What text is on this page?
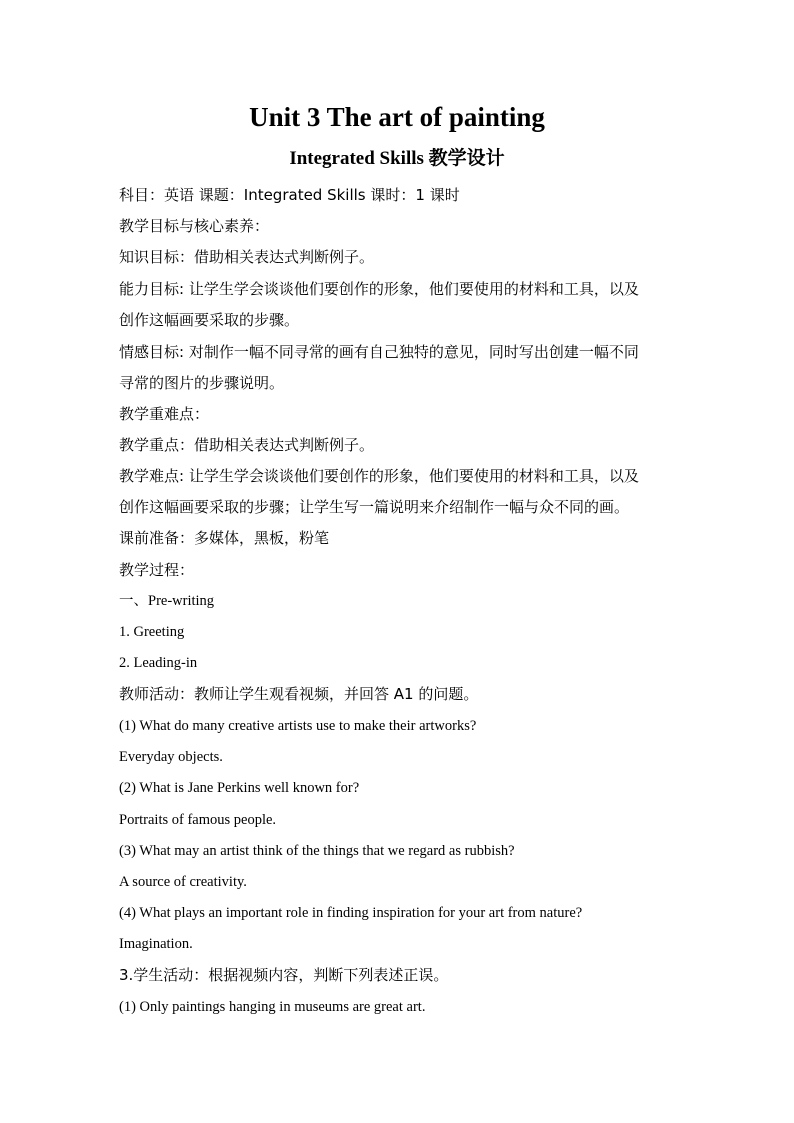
Unit 3 The art of painting
Integrated Skills 教学设计
科目：英语 课题：Integrated Skills 课时：1 课时
教学目标与核心素养：
知识目标：借助相关表达式判断例子。
能力目标: 让学生学会谈谈他们要创作的形象，他们要使用的材料和工具，以及
创作这幅画要采取的步骤。
情感目标: 对制作一幅不同寻常的画有自己独特的意见，同时写出创建一幅不同
寻常的图片的步骤说明。
教学重难点：
教学重点：借助相关表达式判断例子。
教学难点: 让学生学会谈谈他们要创作的形象，他们要使用的材料和工具，以及
创作这幅画要采取的步骤；让学生写一篇说明来介绍制作一幅与众不同的画。
课前准备：多媒体，黑板，粉笔
教学过程：
一、Pre-writing
1. Greeting
2. Leading-in
教师活动：教师让学生观看视频，并回答 A1 的问题。
(1) What do many creative artists use to make their artworks?
Everyday objects.
(2) What is Jane Perkins well known for?
Portraits of famous people.
(3) What may an artist think of the things that we regard as rubbish?
A source of creativity.
(4) What plays an important role in finding inspiration for your art from nature?
Imagination.
3.学生活动：根据视频内容，判断下列表述正误。
(1) Only paintings hanging in museums are great art.
